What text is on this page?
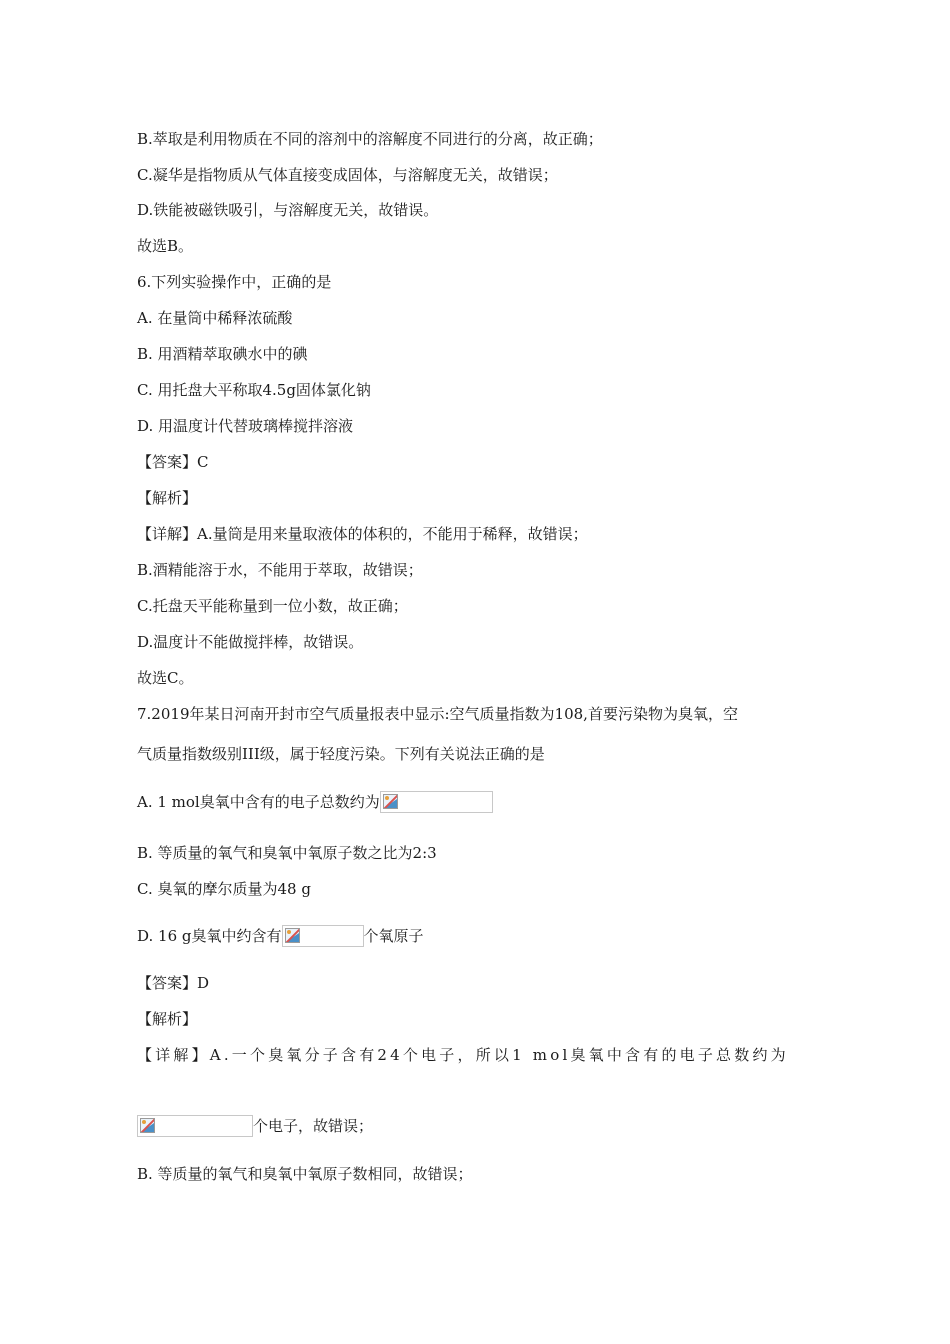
B.萃取是利用物质在不同的溶剂中的溶解度不同进行的分离，故正确；
C.凝华是指物质从气体直接变成固体，与溶解度无关，故错误；
D.铁能被磁铁吸引，与溶解度无关，故错误。
故选B。
6.下列实验操作中，正确的是
A. 在量筒中稀释浓硫酸
B. 用酒精萃取碘水中的碘
C. 用托盘大平称取4.5g固体氯化钠
D. 用温度计代替玻璃棒搅拌溶液
【答案】C
【解析】
【详解】A.量筒是用来量取液体的体积的，不能用于稀释，故错误；
B.酒精能溶于水，不能用于萃取，故错误；
C.托盘天平能称量到一位小数，故正确；
D.温度计不能做搅拌棒，故错误。
故选C。
7.2019年某日河南开封市空气质量报表中显示:空气质量指数为108,首要污染物为臭氧，空
气质量指数级别III级，属于轻度污染。下列有关说法正确的是
A. 1 mol臭氧中含有的电子总数约为
B. 等质量的氧气和臭氧中氧原子数之比为2:3
C. 臭氧的摩尔质量为48 g
D. 16 g臭氧中约含有	个氧原子
【答案】D
【解析】
【详解】A.一个臭氧分子含有24个电子，所以1 mol臭氧中含有的电子总数约为
个电子，故错误；
B. 等质量的氧气和臭氧中氧原子数相同，故错误；
